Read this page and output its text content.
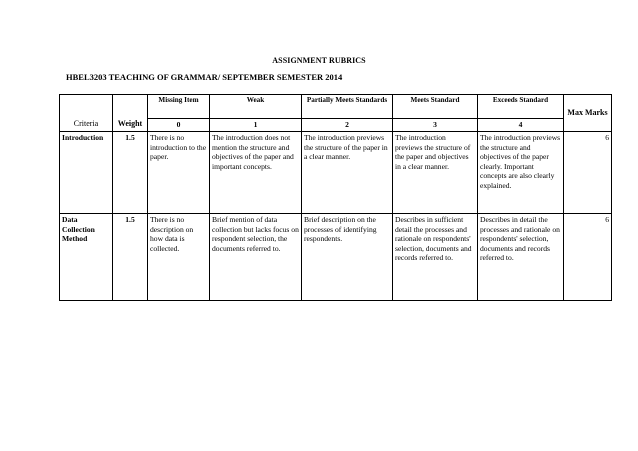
ASSIGNMENT RUBRICS
HBEL3203 TEACHING OF GRAMMAR/ SEPTEMBER SEMESTER 2014
Criteria	Weight	Missing Item	Weak	Partially Meets Standards	Meets Standard	Exceeds Standard	Max Marks
		0	1	2	3	4	
Introduction	1.5	There is no introduction to the paper.	The introduction does not mention the structure and objectives of the paper and important concepts.	The introduction previews the structure of the paper in a clear manner.	The introduction previews the structure of the paper and objectives in a clear manner.	The introduction previews the structure and objectives of the paper clearly. Important concepts are also clearly explained.	6
Data Collection Method	1.5	There is no description on how data is collected.	Brief mention of data collection but lacks focus on respondent selection, the documents referred to.	Brief description on the processes of identifying respondents.	Describes in sufficient detail the processes and rationale on respondents' selection, documents and records referred to.	Describes in detail the processes and rationale on respondents' selection, documents and records referred to.	6
